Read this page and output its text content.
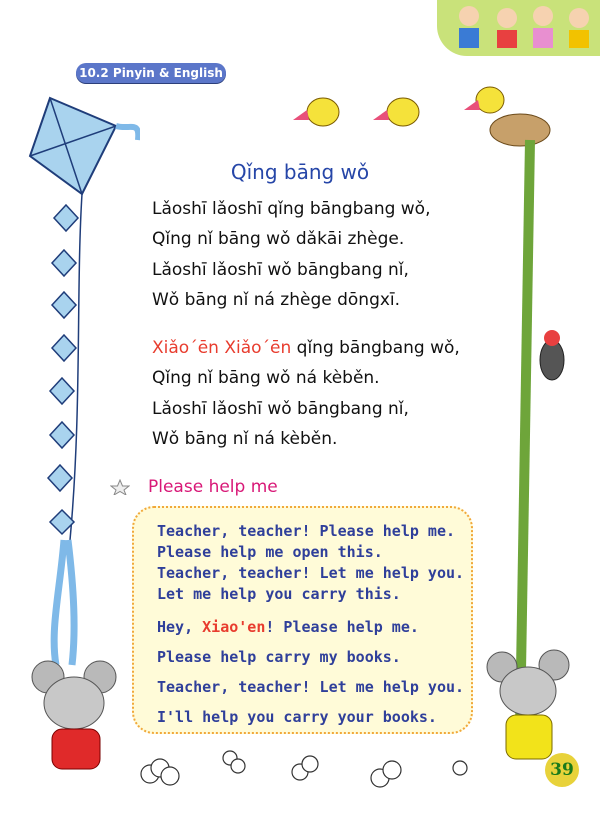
10.2 Pinyin & English
Qǐng bāng wǒ
Lǎoshī lǎoshī qǐng bāngbang wǒ,
Qǐng nǐ bāng wǒ dǎkāi zhège.
Lǎoshī lǎoshī wǒ bāngbang nǐ,
Wǒ bāng nǐ ná zhège dōngxī.
Xiǎo´ēn Xiǎo´ēn qǐng bāngbang wǒ,
Qǐng nǐ bāng wǒ ná kèběn.
Lǎoshī lǎoshī wǒ bāngbang nǐ,
Wǒ bāng nǐ ná kèběn.
Please help me
Teacher, teacher! Please help me.
Please help me open this.
Teacher, teacher! Let me help you.
Let me help you carry this.
Hey, Xiao'en! Please help me.
Please help carry my books.
Teacher, teacher! Let me help you.
I'll help you carry your books.
39
